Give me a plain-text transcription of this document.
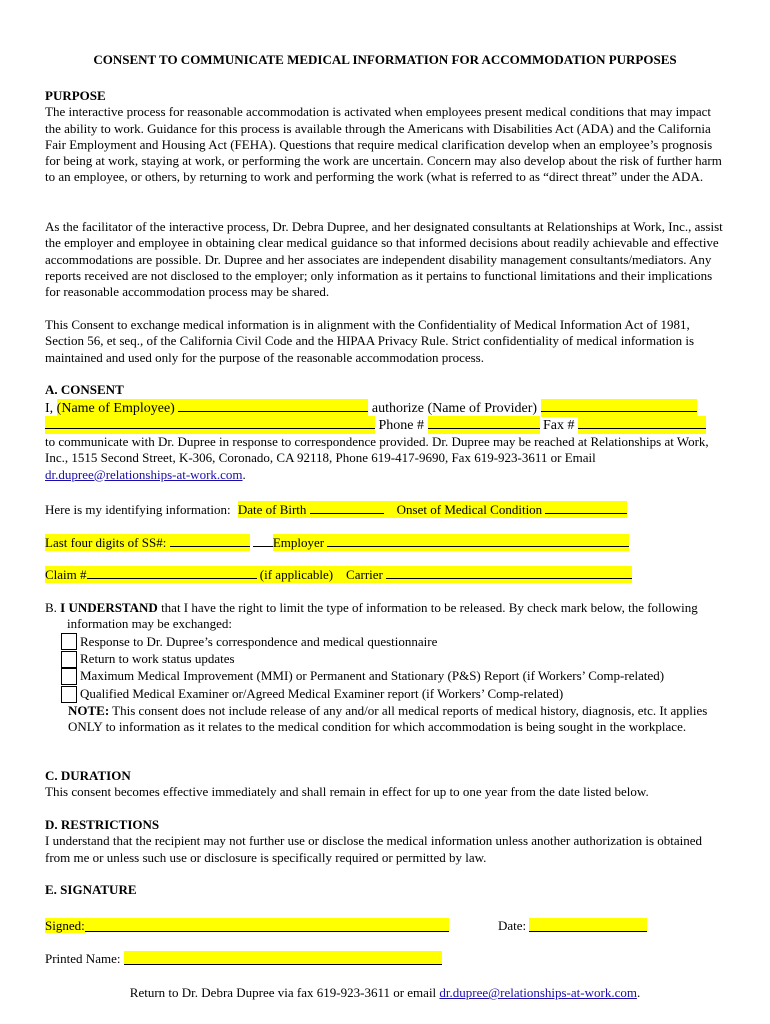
CONSENT TO COMMUNICATE MEDICAL INFORMATION FOR ACCOMMODATION PURPOSES

PURPOSE

The interactive process for reasonable accommodation is activated when employees present medical conditions that may impact the ability to work. Guidance for this process is available through the Americans with Disabilities Act (ADA) and the California Fair Employment and Housing Act (FEHA). Questions that require medical clarification develop when an employee’s prognosis for being at work, staying at work, or performing the work are uncertain. Concern may also develop about the risk of further harm to an employee, or others, by returning to work and performing the work (what is referred to as “direct threat” under the ADA.

As the facilitator of the interactive process, Dr. Debra Dupree, and her designated consultants at Relationships at Work, Inc., assist the employer and employee in obtaining clear medical guidance so that informed decisions about readily achievable and effective accommodations are possible. Dr. Dupree and her associates are independent disability management consultants/mediators. Any reports received are not disclosed to the employer; only information as it pertains to functional limitations and their implications for reasonable accommodation process may be shared.

This Consent to exchange medical information is in alignment with the Confidentiality of Medical Information Act of 1981, Section 56, et seq., of the California Civil Code and the HIPAA Privacy Rule. Strict confidentiality of medical information is maintained and used only for the purpose of the reasonable accommodation process.

A. CONSENT

I, (Name of Employee)	authorize (Name of Provider)
Phone #	Fax #

to communicate with Dr. Dupree in response to correspondence provided. Dr. Dupree may be reached at Relationships at Work, Inc., 1515 Second Street, K-306, Coronado, CA 92118, Phone 619-417-9690, Fax 619-923-3611 or Email dr.dupree@relationships-at-work.com.

Here is my identifying information: Date of Birth	Onset of Medical Condition
Last four digits of SS#:	Employer
Claim #	(if applicable) Carrier

B. I UNDERSTAND that I have the right to limit the type of information to be released. By check mark below, the following information may be exchanged:

Response to Dr. Dupree’s correspondence and medical questionnaire
Return to work status updates
Maximum Medical Improvement (MMI) or Permanent and Stationary (P&S) Report (if Workers’ Comp-related)
Qualified Medical Examiner or/Agreed Medical Examiner report (if Workers’ Comp-related)

NOTE: This consent does not include release of any and/or all medical reports of medical history, diagnosis, etc. It applies ONLY to information as it relates to the medical condition for which accommodation is being sought in the workplace.

C. DURATION

This consent becomes effective immediately and shall remain in effect for up to one year from the date listed below.

D. RESTRICTIONS

I understand that the recipient may not further use or disclose the medical information unless another authorization is obtained from me or unless such use or disclosure is specifically required or permitted by law.

E. SIGNATURE

Signed:	Date:
Printed Name:
Return to Dr. Debra Dupree via fax 619-923-3611 or email dr.dupree@relationships-at-work.com.
